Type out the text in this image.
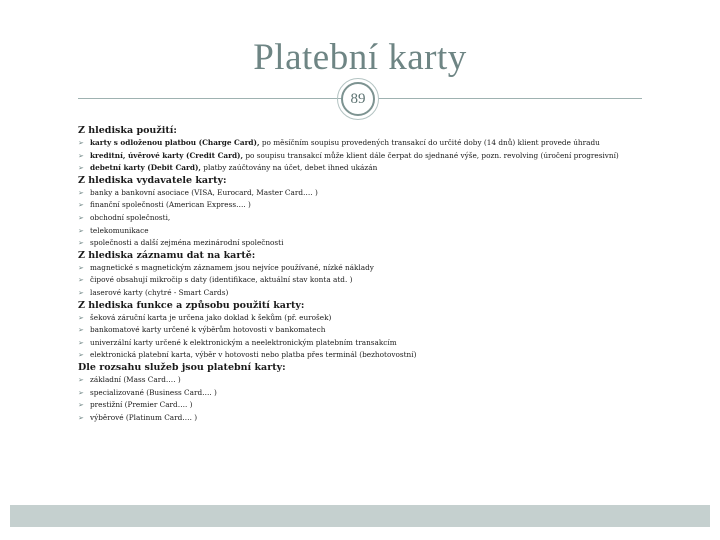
Platební karty
89
Z hlediska použití:
➢ karty s odloženou platbou (Charge Card), po měsíčním soupisu provedených transakcí do určité doby (14 dnů) klient provede úhradu
➢ kreditní, úvěrové karty (Credit Card), po soupisu transakcí může klient dále čerpat do sjednané výše, pozn. revolving (úročení progresivní)
➢ debetní karty (Debit Card), platby zaúčtovány na účet, debet ihned ukázán
Z hlediska vydavatele karty:
➢ banky a bankovní asociace (VISA, Eurocard, Master Card…. )
➢ finanční společnosti (American Express…. )
➢ obchodní společnosti,
➢ telekomunikace
➢ společnosti a další zejména mezinárodní společnosti
Z hlediska záznamu dat na kartě:
➢ magnetické s magnetickým záznamem jsou nejvíce používané, nízké náklady
➢ čipové obsahují mikročip s daty (identifikace, aktuální stav konta atd. )
➢ laserové karty (chytré - Smart Cards)
Z hlediska funkce a způsobu použití karty:
➢ šeková záruční karta je určena jako doklad k šekům (př. eurošek)
➢ bankomatové karty určené k výběrům hotovosti v bankomatech
➢ univerzální karty určené k elektronickým a neelektronickým platebním transakcím
➢ elektronická platební karta, výběr v hotovosti nebo platba přes terminál (bezhotovostní)
Dle rozsahu služeb jsou platební karty:
➢ základní (Mass Card…. )
➢ specializované (Business Card…. )
➢ prestižní (Premier Card…. )
➢ výběrové (Platinum Card…. )
